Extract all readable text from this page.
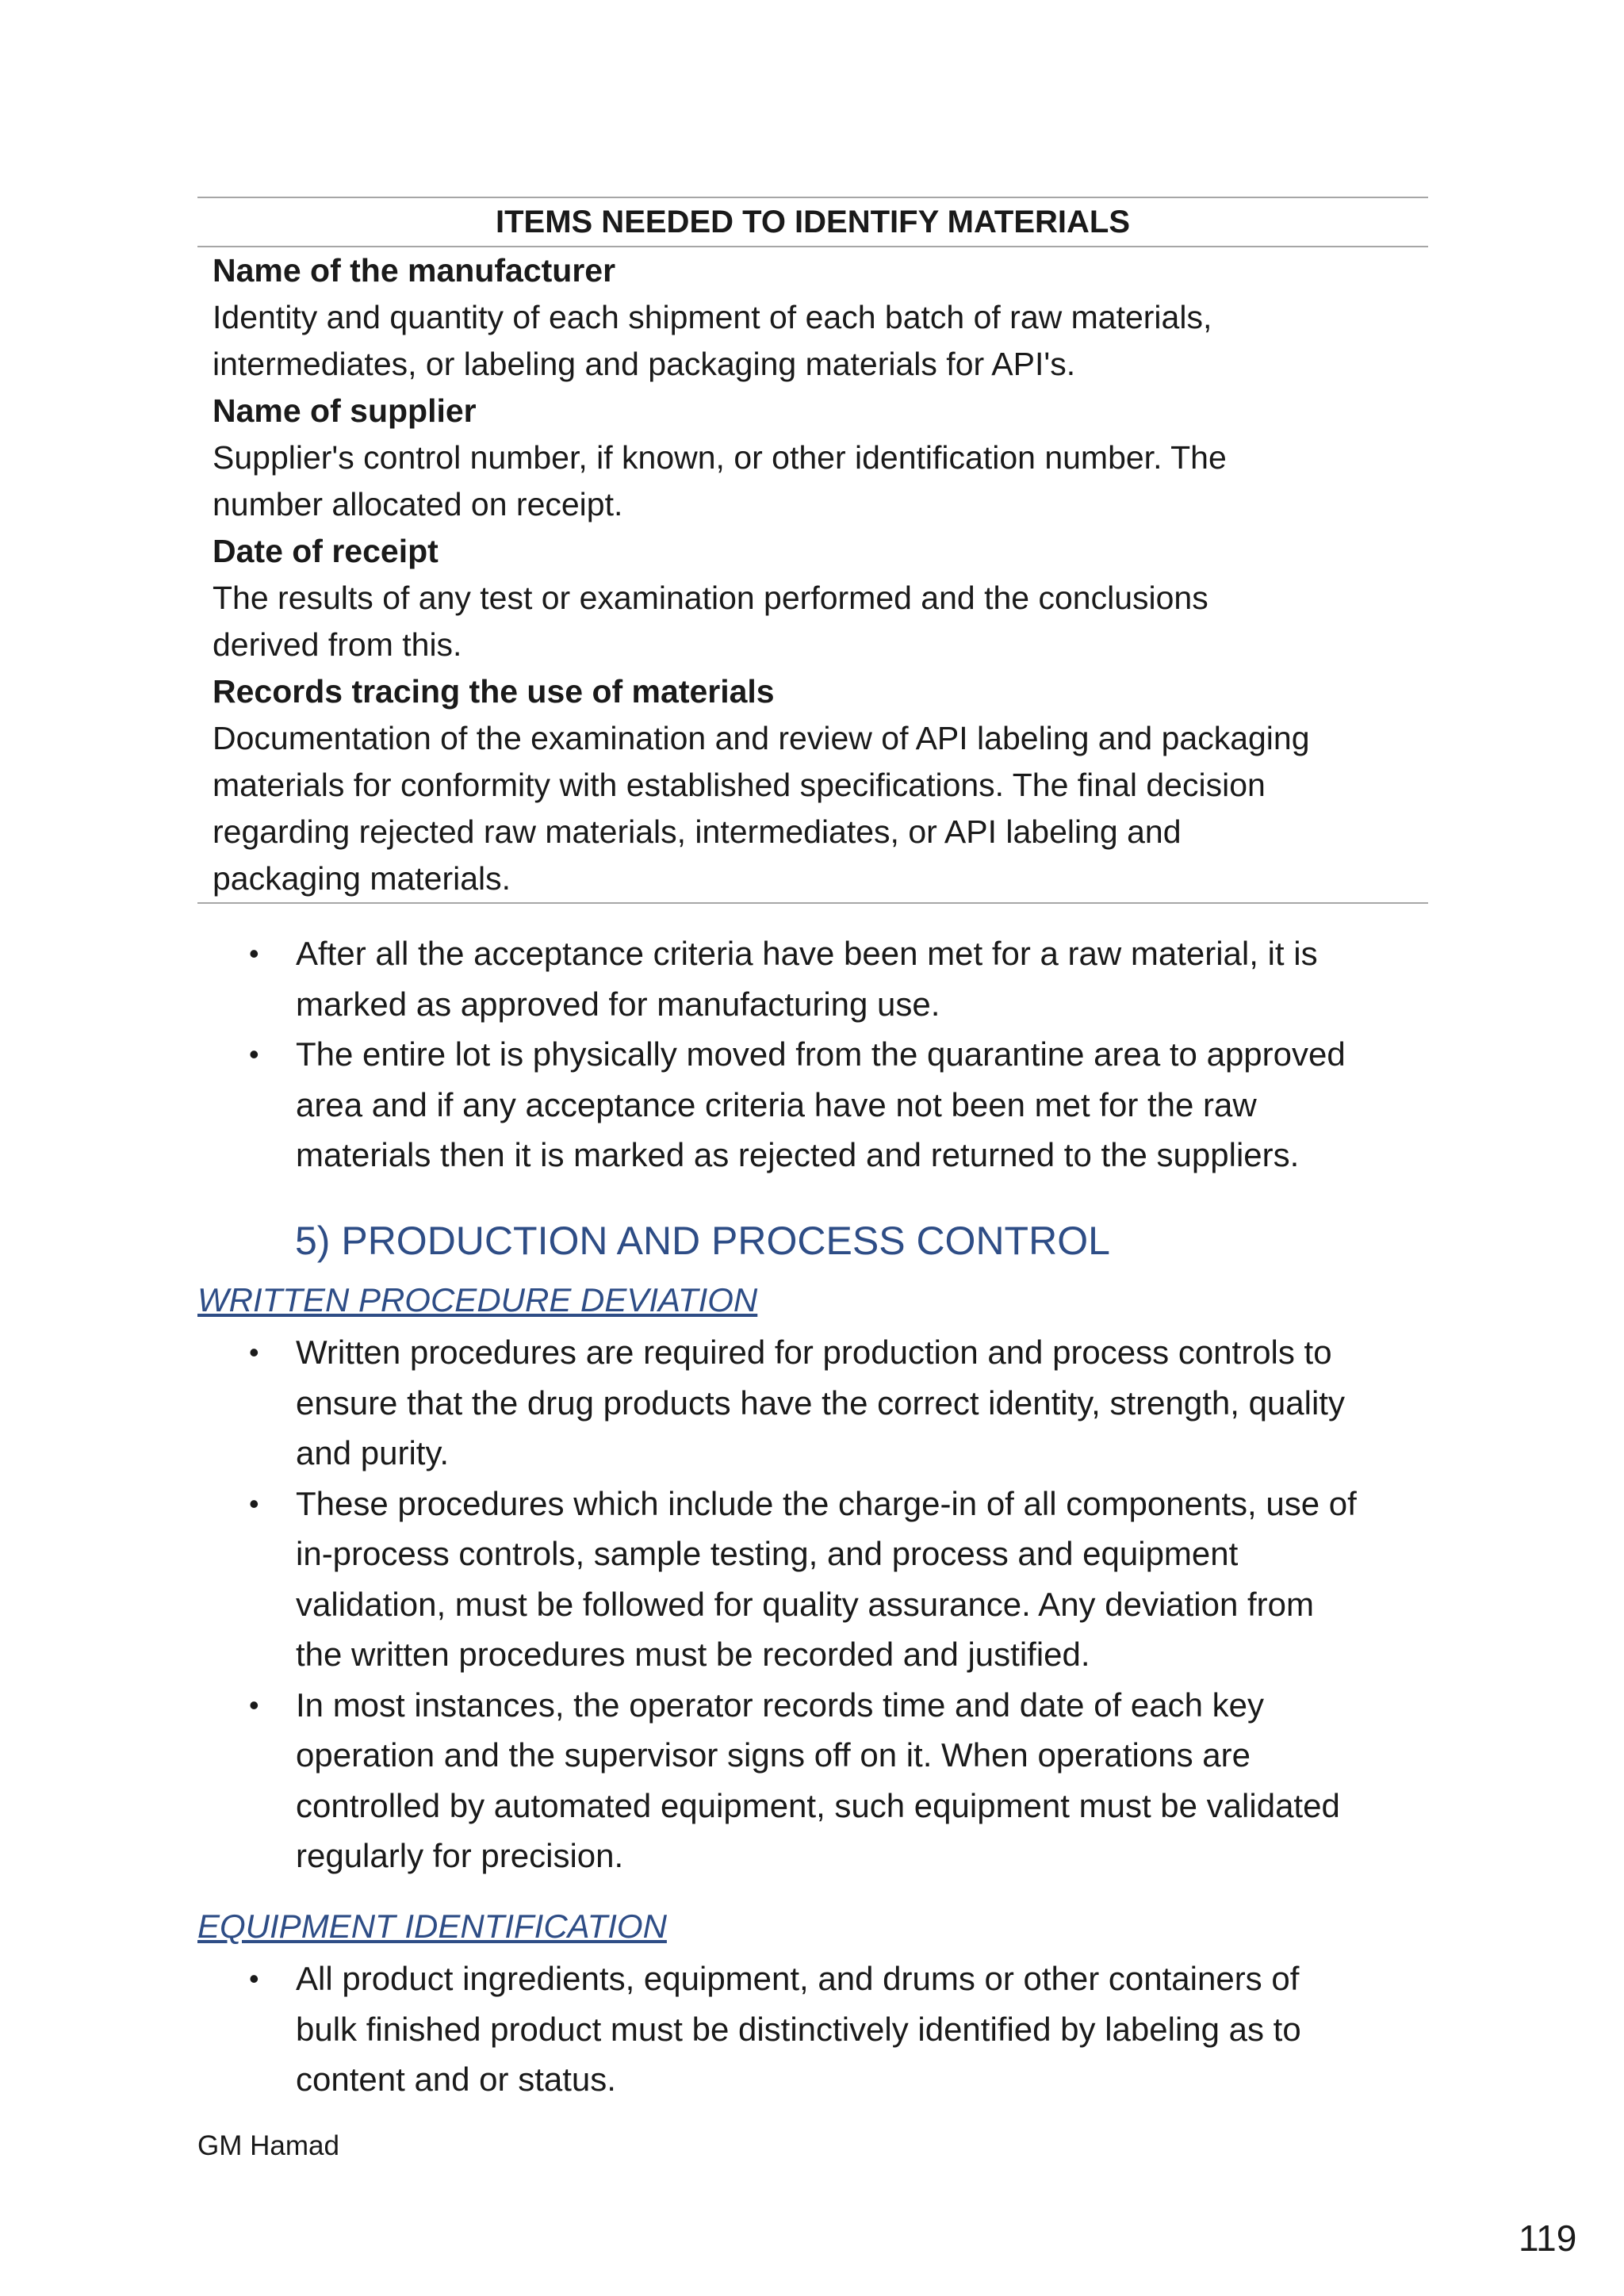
ITEMS NEEDED TO IDENTIFY MATERIALS
Name of the manufacturer
Identity and quantity of each shipment of each batch of raw materials,
intermediates, or labeling and packaging materials for API's.
Name of supplier
Supplier's control number, if known, or other identification number. The
number allocated on receipt.
Date of receipt
The results of any test or examination performed and the conclusions
derived from this.
Records tracing the use of materials
Documentation of the examination and review of API labeling and packaging
materials for conformity with established specifications. The final decision
regarding rejected raw materials, intermediates, or API labeling and
packaging materials.
• After all the acceptance criteria have been met for a raw material, it is
marked as approved for manufacturing use.
• The entire lot is physically moved from the quarantine area to approved
area and if any acceptance criteria have not been met for the raw
materials then it is marked as rejected and returned to the suppliers.
5) PRODUCTION AND PROCESS CONTROL
WRITTEN PROCEDURE DEVIATION
• Written procedures are required for production and process controls to
ensure that the drug products have the correct identity, strength, quality
and purity.
• These procedures which include the charge-in of all components, use of
in-process controls, sample testing, and process and equipment
validation, must be followed for quality assurance. Any deviation from
the written procedures must be recorded and justified.
• In most instances, the operator records time and date of each key
operation and the supervisor signs off on it. When operations are
controlled by automated equipment, such equipment must be validated
regularly for precision.
EQUIPMENT IDENTIFICATION
• All product ingredients, equipment, and drums or other containers of
bulk finished product must be distinctively identified by labeling as to
content and or status.
GM Hamad
119
